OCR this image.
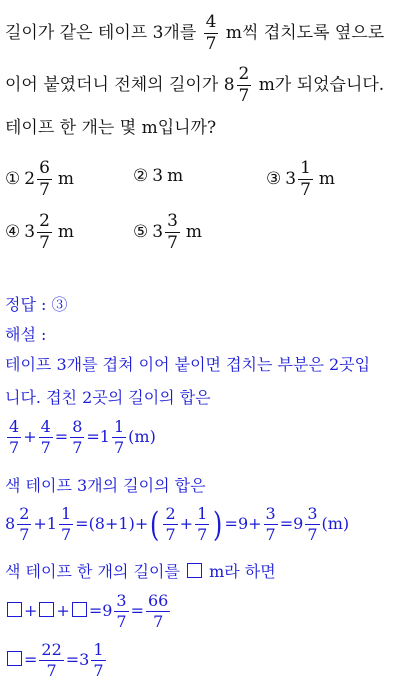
길이가 같은 테이프 3개를 $\frac{4}{7}$ m씩 겹치도록 옆으로
이어 붙였더니 전체의 길이가 $8 \frac{2}{7}$ m가 되었습니다.
테이프 한 개는 몇 m입니까?
① $2 \frac{6}{7}$ m	② 3 m	③ $3 \frac{1}{7}$ m
④ $3 \frac{2}{7}$ m	⑤ $3 \frac{3}{7}$ m
정답 : ③
해설 :
테이프 3개를 겹쳐 이어 붙이면 겹치는 부분은 2곳입
니다. 겹친 2곳의 길이의 합은
$\frac{4}{7} + \frac{4}{7} = \frac{8}{7} =1 \frac{1}{7} (m)$
색 테이프 3개의 길이의 합은
$8 \frac{2}{7} +1 \frac{1}{7} =(8+1)+( \frac{2}{7} + \frac{1}{7}$ ) $=9+ \frac{3}{7} =9 \frac{3}{7} (m)$
색 테이프 한 개의 길이를 m라 하면
+ + $=9 \frac{3}{7} = \frac{66}{7}$
= $\frac{22}{7} =3 \frac{1}{7}$
